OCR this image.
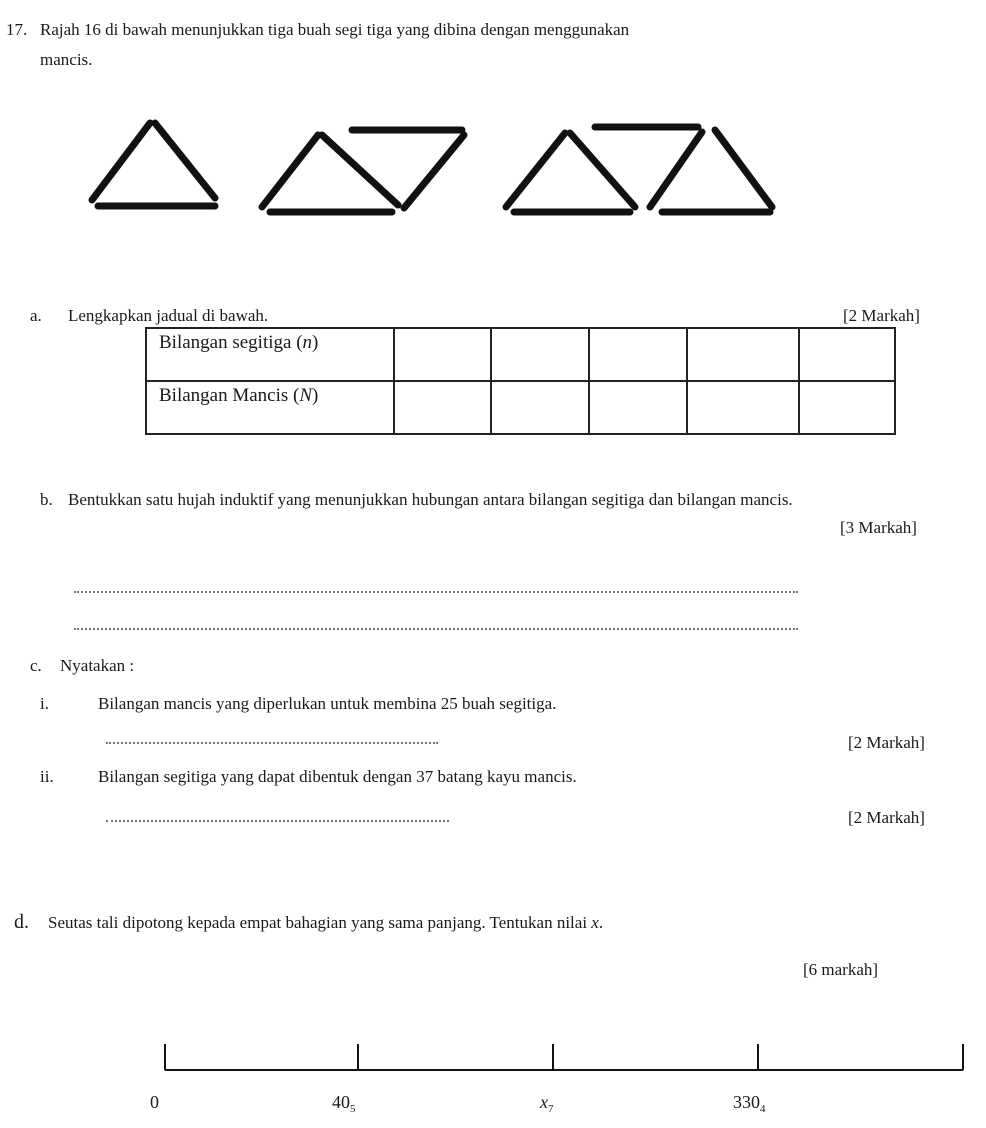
17. Rajah 16 di bawah menunjukkan tiga buah segi tiga yang dibina dengan menggunakan
mancis.
a. Lengkapkan jadual di bawah.	[2 Markah]
Bilangan segitiga (n)					
Bilangan Mancis (N)					
b. Bentukkan satu hujah induktif yang menunjukkan hubungan antara bilangan segitiga dan bilangan mancis.
[3 Markah]
c. Nyatakan :
i.	Bilangan mancis yang diperlukan untuk membina 25 buah segitiga.
[2 Markah]
ii.	Bilangan segitiga yang dapat dibentuk dengan 37 batang kayu mancis.
[2 Markah]
d. Seutas tali dipotong kepada empat bahagian yang sama panjang. Tentukan nilai x.
[6 markah]
0	$40_5$	$x_7$	$330_4$
